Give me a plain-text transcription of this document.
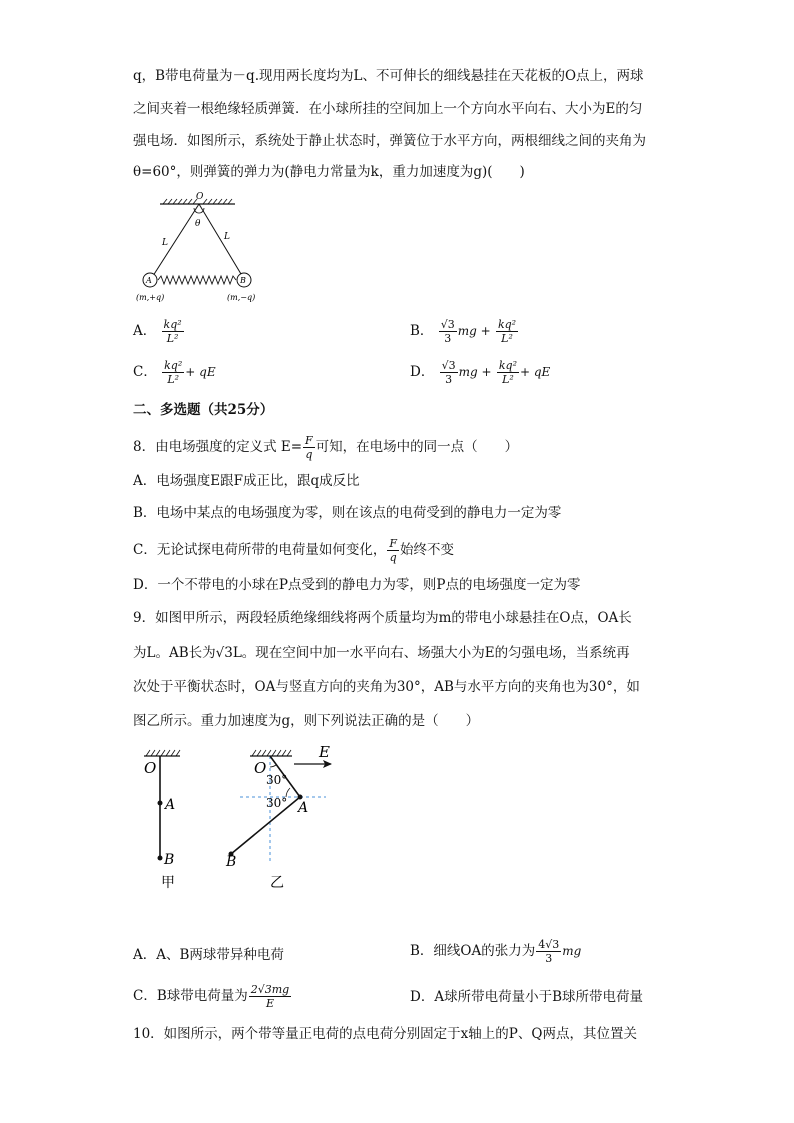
q，B带电荷量为－q.现用两长度均为L、不可伸长的细线悬挂在天花板的O点上，两球
之间夹着一根绝缘轻质弹簧．在小球所挂的空间加上一个方向水平向右、大小为E的匀
强电场．如图所示，系统处于静止状态时，弹簧位于水平方向，两根细线之间的夹角为
θ=60°，则弹簧的弹力为(静电力常量为k，重力加速度为g)(　　)
O
θ
L
L
A	B
(m,+q)	(m,−q)
A． $\frac{\text{kq²}}{\text{L²}}$	B． $\frac{√3}{3}$ mg + $\frac{\text{kq²}}{\text{L²}}$
C． $\frac{\text{kq²}}{\text{L²}}$ + qE	D． $\frac{√3}{3}$ mg + $\frac{\text{kq²}}{\text{L²}}$ + qE
二、多选题（共25分）
8．由电场强度的定义式 $E= \frac{F}{q}$ 可知，在电场中的同一点（　　）
A．电场强度E跟F成正比，跟q成反比
B．电场中某点的电场强度为零，则在该点的电荷受到的静电力一定为零
C．无论试探电荷所带的电荷量如何变化， $\frac{F}{q}$ 始终不变
D．一个不带电的小球在P点受到的静电力为零，则P点的电场强度一定为零
9．如图甲所示，两段轻质绝缘细线将两个质量均为m的带电小球悬挂在O点，OA长
为L。AB长为√3L。现在空间中加一水平向右、场强大小为E的匀强电场，当系统再
次处于平衡状态时，OA与竖直方向的夹角为30°，AB与水平方向的夹角也为30°，如
图乙所示。重力加速度为g，则下列说法正确的是（　　）
O
A
B
甲
O
E
30°
30° A
B
乙
A．A、B两球带异种电荷	B．细线OA的张力为 $\frac{4√3}{3}$ mg
C．B球带电荷量为 $\frac{2√3mg}{E}$	D．A球所带电荷量小于B球所带电荷量
10．如图所示，两个带等量正电荷的点电荷分别固定于x轴上的P、Q两点，其位置关
